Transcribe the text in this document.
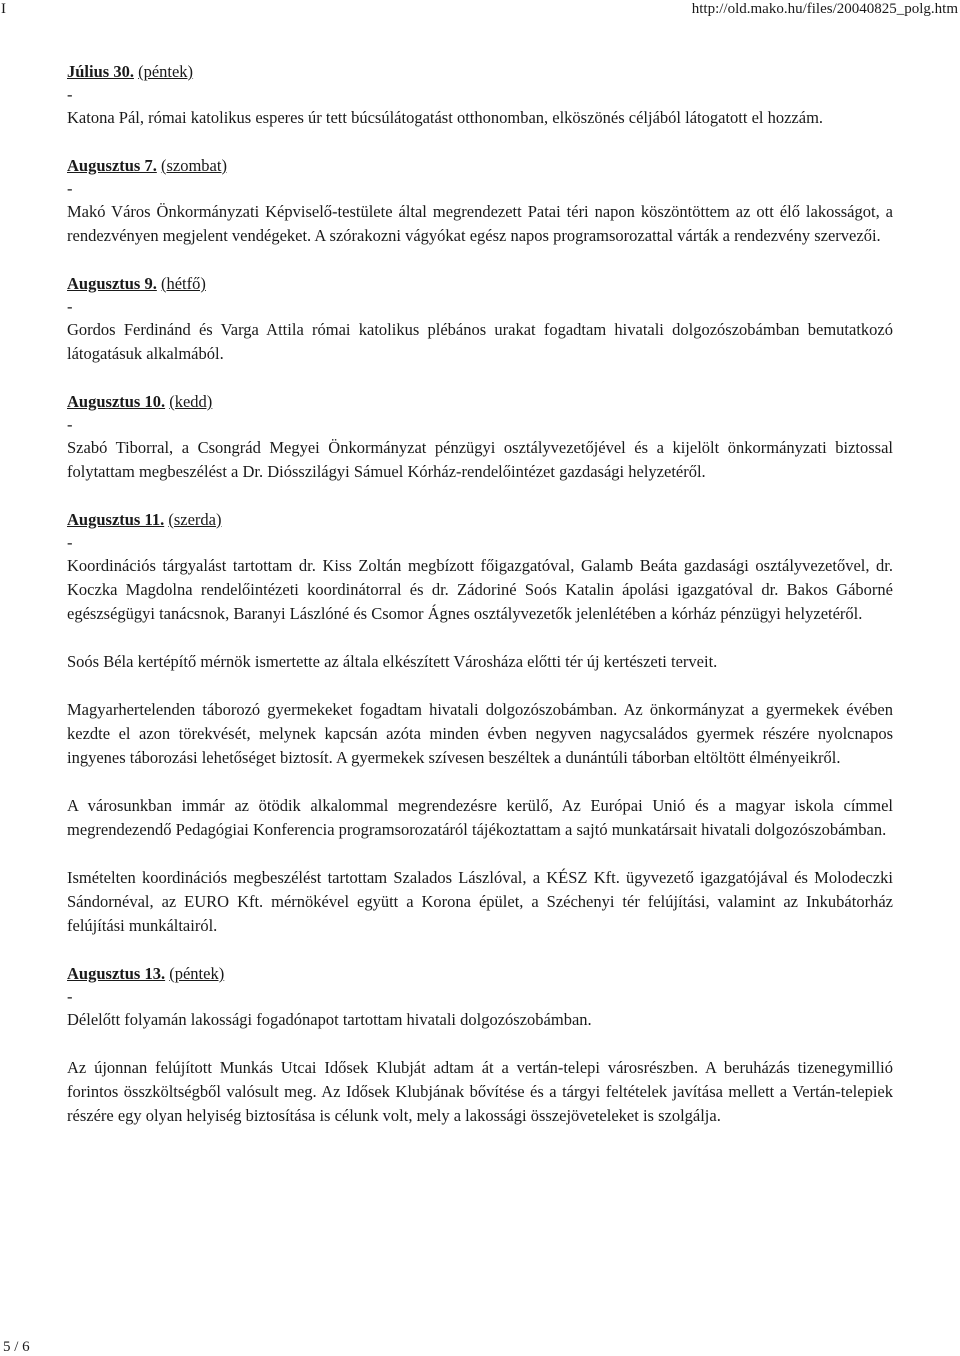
I	http://old.mako.hu/files/20040825_polg.htm

Július 30. (péntek)

-

Katona Pál, római katolikus esperes úr tett búcsúlátogatást otthonomban, elköszönés céljából látogatott el hozzám.

Augusztus 7. (szombat)

-

Makó Város Önkormányzati Képviselő-testülete által megrendezett Patai téri napon köszöntöttem az ott élő lakosságot, a rendezvényen megjelent vendégeket. A szórakozni vágyókat egész napos programsorozattal várták a rendezvény szervezői.

Augusztus 9. (hétfő)

-

Gordos Ferdinánd és Varga Attila római katolikus plébános urakat fogadtam hivatali dolgozószobámban bemutatkozó látogatásuk alkalmából.

Augusztus 10. (kedd)

-

Szabó Tiborral, a Csongrád Megyei Önkormányzat pénzügyi osztályvezetőjével és a kijelölt önkormányzati biztossal folytattam megbeszélést a Dr. Diósszilágyi Sámuel Kórház-rendelőintézet gazdasági helyzetéről.

Augusztus 11. (szerda)

-

Koordinációs tárgyalást tartottam dr. Kiss Zoltán megbízott főigazgatóval, Galamb Beáta gazdasági osztályvezetővel, dr. Koczka Magdolna rendelőintézeti koordinátorral és dr. Zádoriné Soós Katalin ápolási igazgatóval dr. Bakos Gáborné egészségügyi tanácsnok, Baranyi Lászlóné és Csomor Ágnes osztályvezetők jelenlétében a kórház pénzügyi helyzetéről.

Soós Béla kertépítő mérnök ismertette az általa elkészített Városháza előtti tér új kertészeti terveit.

Magyarhertelenden táborozó gyermekeket fogadtam hivatali dolgozószobámban. Az önkormányzat a gyermekek évében kezdte el azon törekvését, melynek kapcsán azóta minden évben negyven nagycsaládos gyermek részére nyolcnapos ingyenes táborozási lehetőséget biztosít. A gyermekek szívesen beszéltek a dunántúli táborban eltöltött élményeikről.

A városunkban immár az ötödik alkalommal megrendezésre kerülő, Az Európai Unió és a magyar iskola címmel megrendezendő Pedagógiai Konferencia programsorozatáról tájékoztattam a sajtó munkatársait hivatali dolgozószobámban.

Ismételten koordinációs megbeszélést tartottam Szalados Lászlóval, a KÉSZ Kft. ügyvezető igazgatójával és Molodeczki Sándornéval, az EURO Kft. mérnökével együtt a Korona épület, a Széchenyi tér felújítási, valamint az Inkubátorház felújítási munkáltairól.

Augusztus 13. (péntek)

-

Délelőtt folyamán lakossági fogadónapot tartottam hivatali dolgozószobámban.

Az újonnan felújított Munkás Utcai Idősek Klubját adtam át a vertán-telepi városrészben. A beruházás tizenegymillió forintos összköltségből valósult meg. Az Idősek Klubjának bővítése és a tárgyi feltételek javítása mellett a Vertán-telepiek részére egy olyan helyiség biztosítása is célunk volt, mely a lakossági összejöveteleket is szolgálja.

5 / 6
